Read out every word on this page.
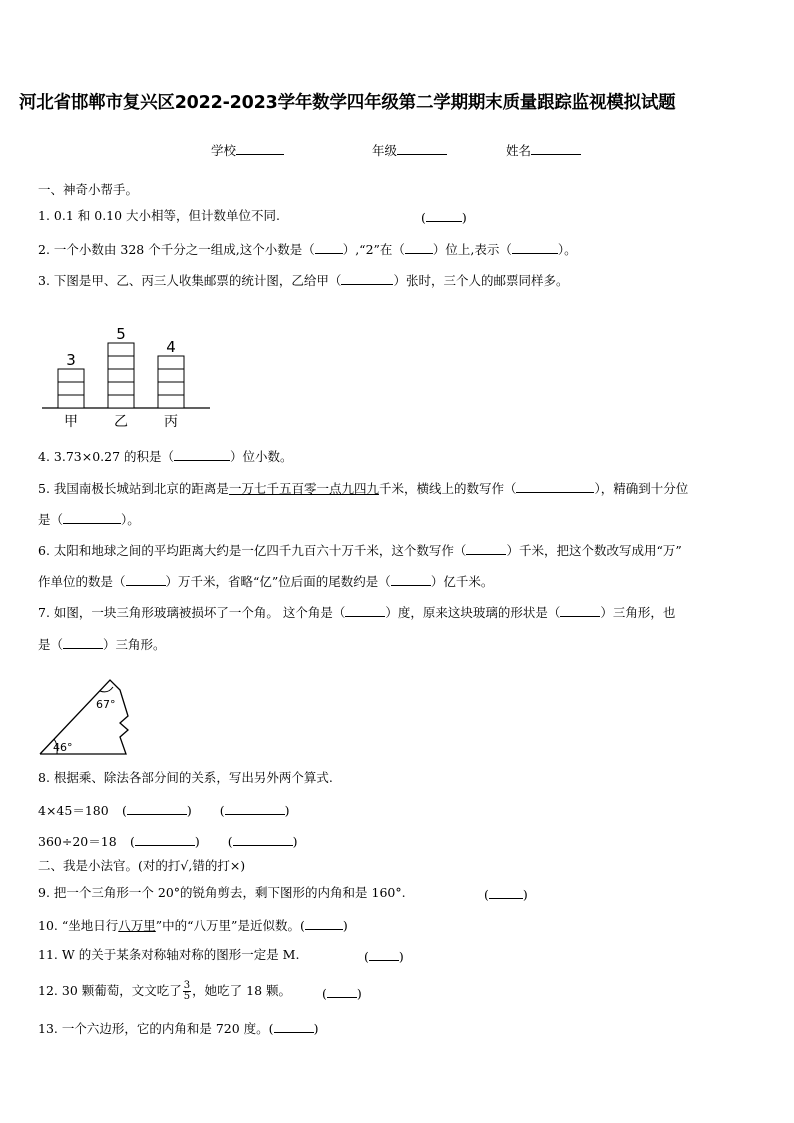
河北省邯郸市复兴区2022-2023学年数学四年级第二学期期末质量跟踪监视模拟试题
学校	年级	姓名
一、神奇小帮手。
1. 0.1 和 0.10 大小相等，但计数单位不同.	(	)
2. 一个小数由 328 个千分之一组成,这个小数是（ ）,“2”在（ ）位上,表示（	）。
3. 下图是甲、乙、丙三人收集邮票的统计图，乙给甲（	）张时，三个人的邮票同样多。
3
甲
5
乙
4
丙
4. 3.73×0.27 的积是（	）位小数。
5. 我国南极长城站到北京的距离是一万七千五百零一点九四九千米，横线上的数写作（	），精确到十分位
是（	）。
6. 太阳和地球之间的平均距离大约是一亿四千九百六十万千米，这个数写作（	）千米，把这个数改写成用“万”
作单位的数是（	）万千米，省略“亿”位后面的尾数约是（	）亿千米。
7. 如图，一块三角形玻璃被损坏了一个角。 这个角是（	）度，原来这块玻璃的形状是（	）三角形，也
是（	）三角形。
67°
46°
8. 根据乘、除法各部分间的关系，写出另外两个算式.
4×45＝180 (	) (	)
360÷20＝18 (	) (	)
二、我是小法官。(对的打√,错的打×)
9. 把一个三角形一个 20°的锐角剪去，剩下图形的内角和是 160°.	(	)
10. “坐地日行八万里”中的“八万里”是近似数。(	)
11. W 的关于某条对称轴对称的图形一定是 M.	( )
12. 30 颗葡萄，文文吃了 $\frac{3}{5}$ ，她吃了 18 颗。 ( )
13. 一个六边形，它的内角和是 720 度。(	)
